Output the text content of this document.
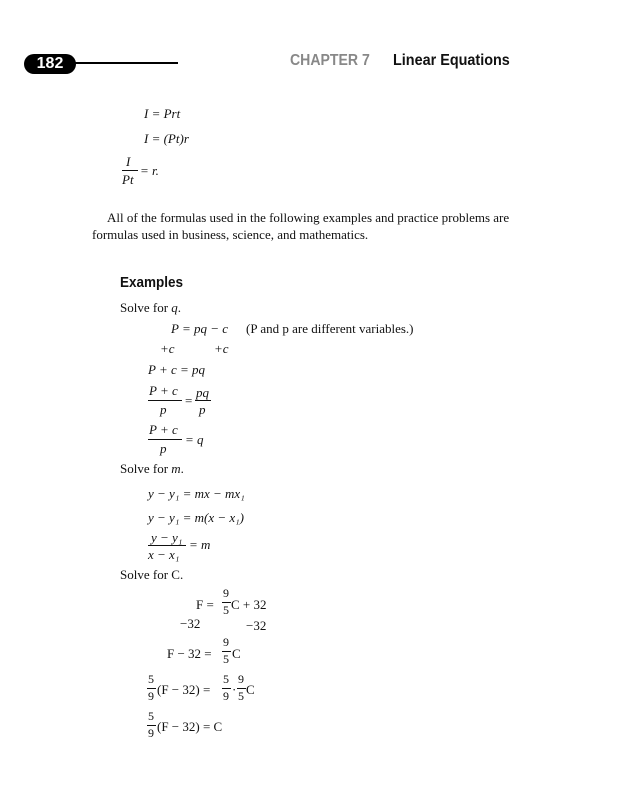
182	CHAPTER 7 Linear Equations
I = Prt
I = (Pt)r
I
Pt
= r.
All of the formulas used in the following examples and practice problems are formulas used in business, science, and mathematics.
Examples
Solve for q.
P = pq − c (P and p are different variables.)
+c	+c
P + c = pq
P + c
p
=
pq
p
P + c
p
= q
Solve for m.
y − y₁ = mx − mx₁
y − y₁ = m(x − x₁)
y − y₁
x − x₁
= m
Solve for C.
F =
9
5 C + 32
−32	−32
F − 32 =
9
5 C
5
9 (F − 32) =
5
9 ·
9
5 C
5
9 (F − 32) = C
